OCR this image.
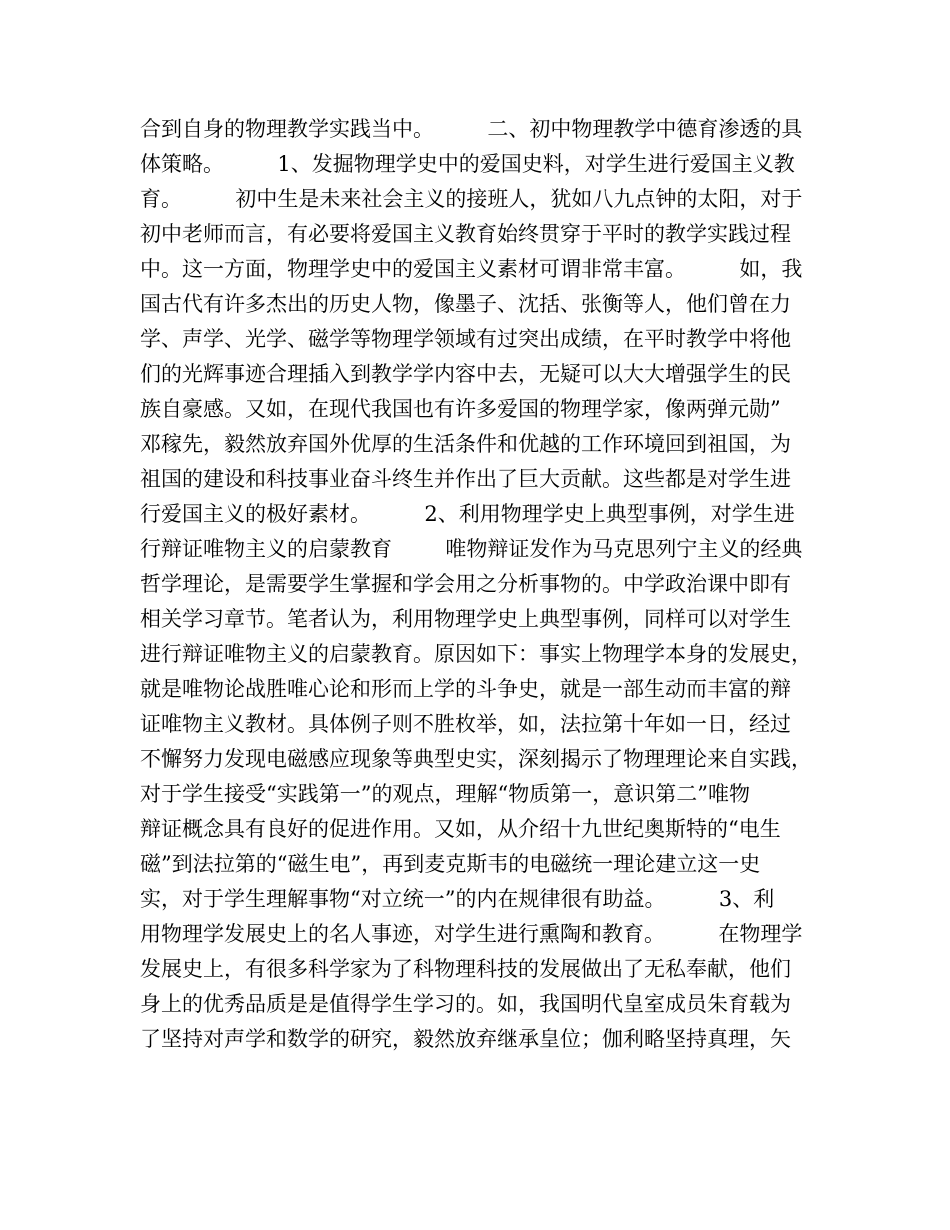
合到自身的物理教学实践当中。        二、初中物理教学中德育渗透的具
体策略。        1、发掘物理学史中的爱国史料，对学生进行爱国主义教
育。        初中生是未来社会主义的接班人，犹如八九点钟的太阳，对于
初中老师而言，有必要将爱国主义教育始终贯穿于平时的教学实践过程
中。这一方面，物理学史中的爱国主义素材可谓非常丰富。        如，我
国古代有许多杰出的历史人物，像墨子、沈括、张衡等人，他们曾在力
学、声学、光学、磁学等物理学领域有过突出成绩，在平时教学中将他
们的光辉事迹合理插入到教学学内容中去，无疑可以大大增强学生的民
族自豪感。又如，在现代我国也有许多爱国的物理学家，像两弹元勋”
邓稼先，毅然放弃国外优厚的生活条件和优越的工作环境回到祖国，为
祖国的建设和科技事业奋斗终生并作出了巨大贡献。这些都是对学生进
行爱国主义的极好素材。        2、利用物理学史上典型事例，对学生进
行辩证唯物主义的启蒙教育        唯物辩证发作为马克思列宁主义的经典
哲学理论，是需要学生掌握和学会用之分析事物的。中学政治课中即有
相关学习章节。笔者认为，利用物理学史上典型事例，同样可以对学生
进行辩证唯物主义的启蒙教育。原因如下：事实上物理学本身的发展史，
就是唯物论战胜唯心论和形而上学的斗争史，就是一部生动而丰富的辩
证唯物主义教材。具体例子则不胜枚举，如，法拉第十年如一日，经过
不懈努力发现电磁感应现象等典型史实，深刻揭示了物理理论来自实践，
对于学生接受“实践第一”的观点，理解“物质第一，意识第二”唯物
辩证概念具有良好的促进作用。又如，从介绍十九世纪奥斯特的“电生
磁”到法拉第的“磁生电”，再到麦克斯韦的电磁统一理论建立这一史
实，对于学生理解事物“对立统一”的内在规律很有助益。        3、利
用物理学发展史上的名人事迹，对学生进行熏陶和教育。        在物理学
发展史上，有很多科学家为了科物理科技的发展做出了无私奉献，他们
身上的优秀品质是是值得学生学习的。如，我国明代皇室成员朱育载为
了坚持对声学和数学的研究，毅然放弃继承皇位；伽利略坚持真理，矢
